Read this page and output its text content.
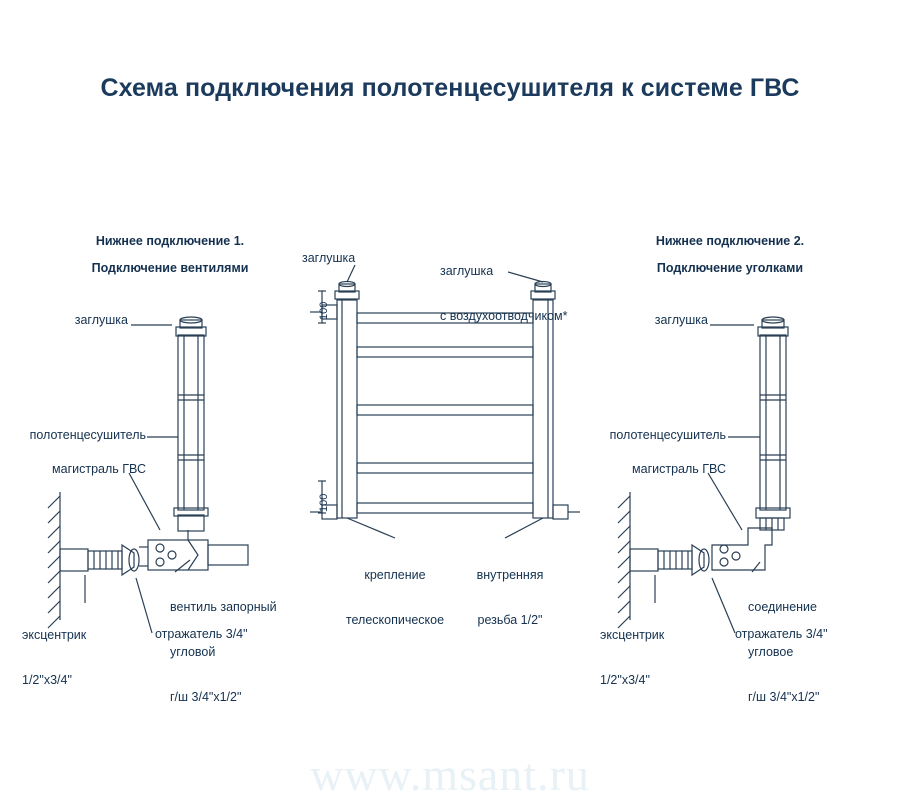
Схема подключения полотенцесушителя к системе ГВС
Нижнее подключение 1.
Подключение вентилями
заглушка
полотенцесушитель
магистраль ГВС

эксцентрик

1/2"х3/4"

отражатель 3/4"

вентиль запорный

угловой

г/ш 3/4"x1/2"

100
100
заглушка

заглушка

с воздухоотводчиком*

крепление

телескопическое

внутренняя

резьба 1/2"

Нижнее подключение 2.
Подключение уголками
заглушка
полотенцесушитель
магистраль ГВС

эксцентрик

1/2"х3/4"

отражатель 3/4"

соединение

угловое

г/ш 3/4"x1/2"

www.msant.ru
